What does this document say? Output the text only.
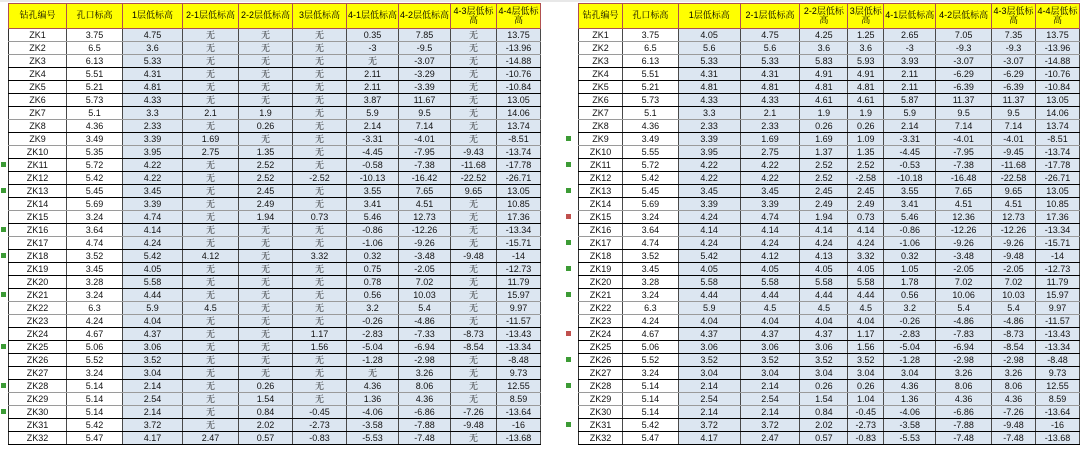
钻孔编号	孔口标高	1层低标高	2-1层低标高	2-2层低标高	3层低标高	4-1层低标高	4-2层低标高	4-3层低标高	4-4层低标高
ZK1	3.75	4.75	无	无	无	0.35	7.85	无	13.75
ZK2	6.5	3.6	无	无	无	-3	-9.5	无	-13.96
ZK3	6.13	5.33	无	无	无	无	-3.07	无	-14.88
ZK4	5.51	4.31	无	无	无	2.11	-3.29	无	-10.76
ZK5	5.21	4.81	无	无	无	2.11	-3.39	无	-10.84
ZK6	5.73	4.33	无	无	无	3.87	11.67	无	13.05
ZK7	5.1	3.3	2.1	1.9	无	5.9	9.5	无	14.06
ZK8	4.36	2.33	无	0.26	无	2.14	7.14	无	13.74
ZK9	3.49	3.39	1.69	无	无	-3.31	-4.01	无	-8.51
ZK10	5.35	3.95	2.75	1.35	无	-4.45	-7.95	-9.43	-13.74
ZK11	5.72	4.22	无	2.52	无	-0.58	-7.38	-11.68	-17.78
ZK12	5.42	4.22	无	2.52	-2.52	-10.13	-16.42	-22.52	-26.71
ZK13	5.45	3.45	无	2.45	无	3.55	7.65	9.65	13.05
ZK14	5.69	3.39	无	2.49	无	3.41	4.51	无	10.85
ZK15	3.24	4.74	无	1.94	0.73	5.46	12.73	无	17.36
ZK16	3.64	4.14	无	无	无	-0.86	-12.26	无	-13.34
ZK17	4.74	4.24	无	无	无	-1.06	-9.26	无	-15.71
ZK18	3.52	5.42	4.12	无	3.32	0.32	-3.48	-9.48	-14
ZK19	3.45	4.05	无	无	无	0.75	-2.05	无	-12.73
ZK20	3.28	5.58	无	无	无	0.78	7.02	无	11.79
ZK21	3.24	4.44	无	无	无	0.56	10.03	无	15.97
ZK22	6.3	5.9	4.5	无	无	3.2	5.4	无	9.97
ZK23	4.24	4.04	无	无	无	-0.26	-4.86	无	-11.57
ZK24	4.67	4.37	无	无	1.17	-2.83	-7.33	-8.73	-13.43
ZK25	5.06	3.06	无	无	1.56	-5.04	-6.94	-8.54	-13.34
ZK26	5.52	3.52	无	无	无	-1.28	-2.98	无	-8.48
ZK27	3.24	3.04	无	无	无	无	3.26	无	9.73
ZK28	5.14	2.14	无	0.26	无	4.36	8.06	无	12.55
ZK29	5.14	2.54	无	1.54	无	1.36	4.36	无	8.59
ZK30	5.14	2.14	无	0.84	-0.45	-4.06	-6.86	-7.26	-13.64
ZK31	5.42	3.72	无	2.02	-2.73	-3.58	-7.88	-9.48	-16
ZK32	5.47	4.17	2.47	0.57	-0.83	-5.53	-7.48	无	-13.68
钻孔编号	孔口标高	1层低标高	2-1层低标高	2-2层低标高	3层低标高	4-1层低标高	4-2层低标高	4-3层低标高	4-4层低标高
ZK1	3.75	4.05	4.75	4.25	1.25	2.65	7.05	7.35	13.75
ZK2	6.5	5.6	5.6	3.6	3.6	-3	-9.3	-9.3	-13.96
ZK3	6.13	5.33	5.33	5.83	5.93	3.93	-3.07	-3.07	-14.88
ZK4	5.51	4.31	4.31	4.91	4.91	2.11	-6.29	-6.29	-10.76
ZK5	5.21	4.81	4.81	4.81	4.81	2.11	-6.39	-6.39	-10.84
ZK6	5.73	4.33	4.33	4.61	4.61	5.87	11.37	11.37	13.05
ZK7	5.1	3.3	2.1	1.9	1.9	5.9	9.5	9.5	14.06
ZK8	4.36	2.33	2.33	0.26	0.26	2.14	7.14	7.14	13.74
ZK9	3.49	3.39	1.69	1.69	1.09	-3.31	-4.01	-4.01	-8.51
ZK10	5.55	3.95	2.75	1.37	1.35	-4.45	-7.95	-9.45	-13.74
ZK11	5.72	4.22	4.22	2.52	2.52	-0.53	-7.38	-11.68	-17.78
ZK12	5.42	4.22	4.22	2.52	-2.58	-10.18	-16.48	-22.58	-26.71
ZK13	5.45	3.45	3.45	2.45	2.45	3.55	7.65	9.65	13.05
ZK14	5.69	3.39	3.39	2.49	2.49	3.41	4.51	4.51	10.85
ZK15	3.24	4.24	4.74	1.94	0.73	5.46	12.36	12.73	17.36
ZK16	3.64	4.14	4.14	4.14	4.14	-0.86	-12.26	-12.26	-13.34
ZK17	4.74	4.24	4.24	4.24	4.24	-1.06	-9.26	-9.26	-15.71
ZK18	3.52	5.42	4.12	4.13	3.32	0.32	-3.48	-9.48	-14
ZK19	3.45	4.05	4.05	4.05	4.05	1.05	-2.05	-2.05	-12.73
ZK20	3.28	5.58	5.58	5.58	5.58	1.78	7.02	7.02	11.79
ZK21	3.24	4.44	4.44	4.44	4.44	0.56	10.06	10.03	15.97
ZK22	6.3	5.9	4.5	4.5	4.5	3.2	5.4	5.4	9.97
ZK23	4.24	4.04	4.04	4.04	4.04	-0.26	-4.86	-4.86	-11.57
ZK24	4.67	4.37	4.37	4.37	1.17	-2.83	-7.83	-8.73	-13.43
ZK25	5.06	3.06	3.06	3.06	1.56	-5.04	-6.94	-8.54	-13.34
ZK26	5.52	3.52	3.52	3.52	3.52	-1.28	-2.98	-2.98	-8.48
ZK27	3.24	3.04	3.04	3.04	3.04	3.04	3.26	3.26	9.73
ZK28	5.14	2.14	2.14	0.26	0.26	4.36	8.06	8.06	12.55
ZK29	5.14	2.54	2.54	1.54	1.04	1.36	4.36	4.36	8.59
ZK30	5.14	2.14	2.14	0.84	-0.45	-4.06	-6.86	-7.26	-13.64
ZK31	5.42	3.72	3.72	2.02	-2.73	-3.58	-7.88	-9.48	-16
ZK32	5.47	4.17	2.47	0.57	-0.83	-5.53	-7.48	-7.48	-13.68
